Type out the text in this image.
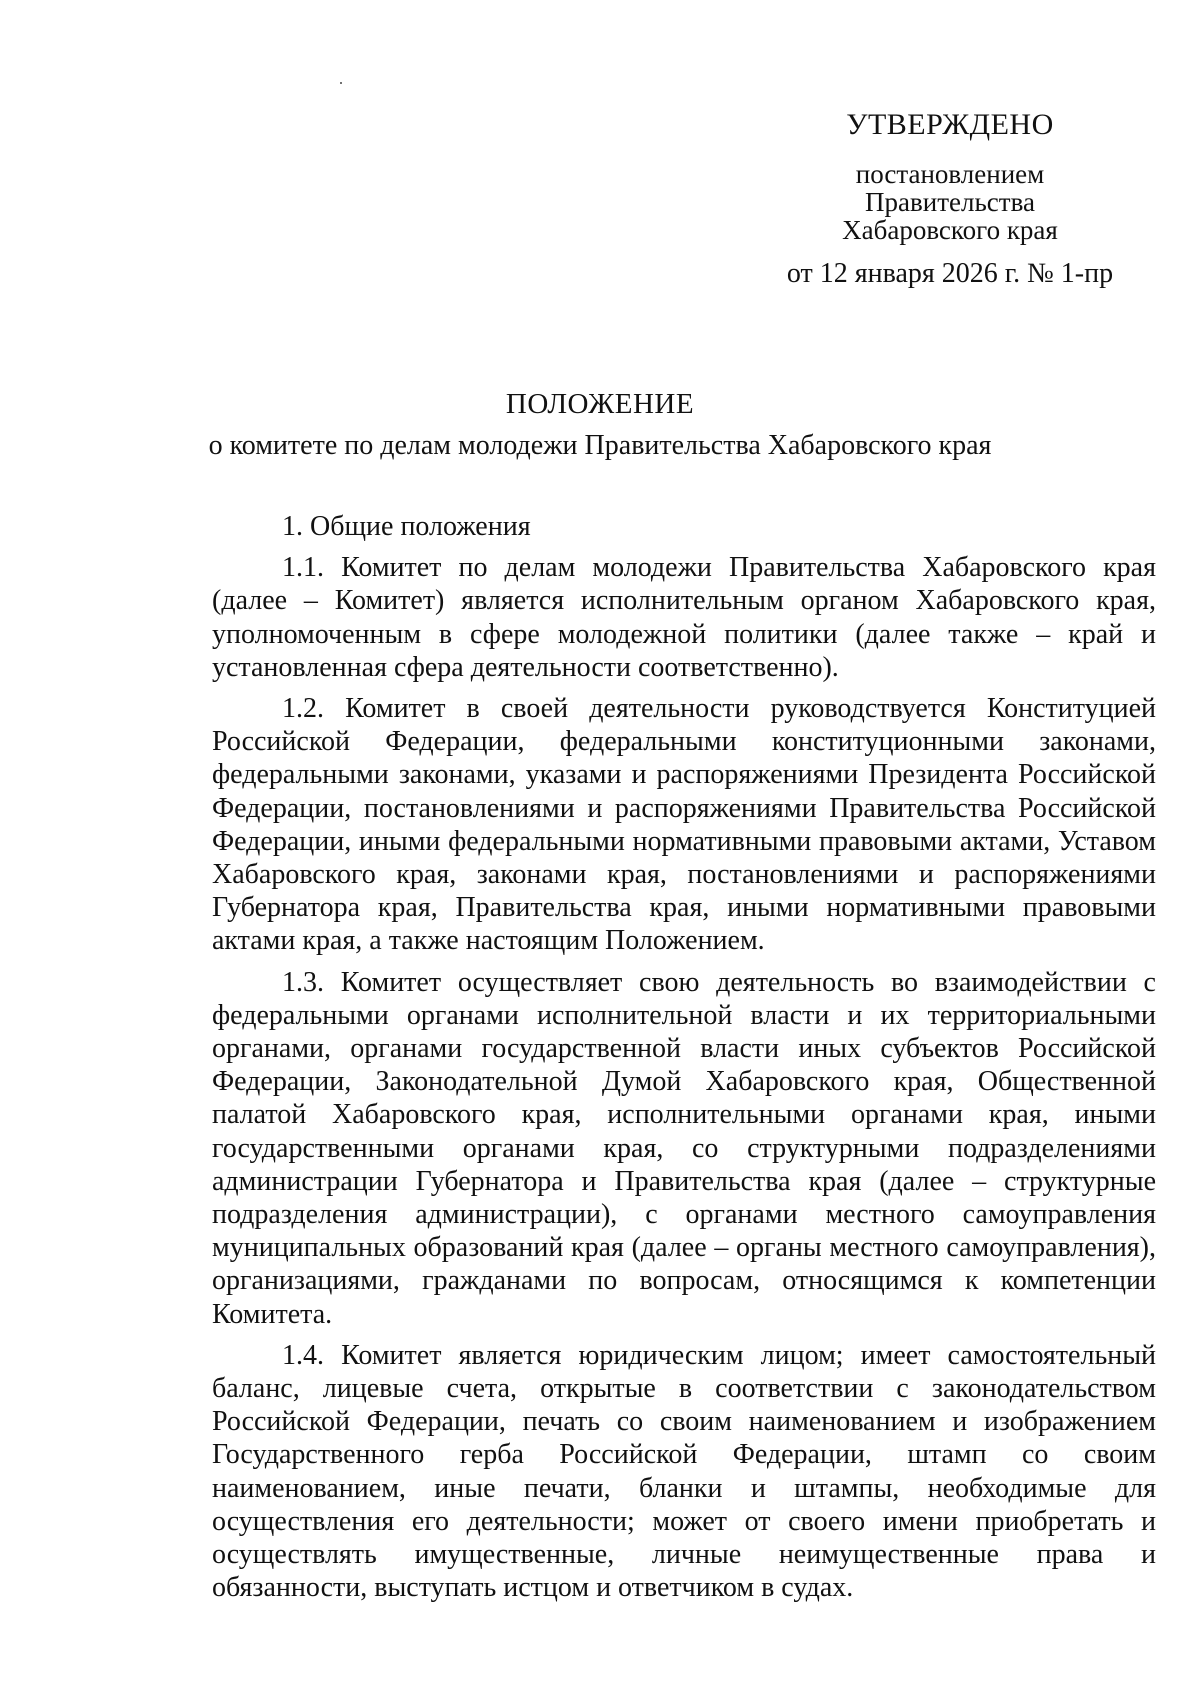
УТВЕРЖДЕНО
постановлением
Правительства
Хабаровского края
от 12 января 2026 г. № 1-пр
ПОЛОЖЕНИЕ
о комитете по делам молодежи Правительства Хабаровского края

1. Общие положения

1.1. Комитет по делам молодежи Правительства Хабаровского края (далее – Комитет) является исполнительным органом Хабаровского края, уполномоченным в сфере молодежной политики (далее также – край и установленная сфера деятельности соответственно).

1.2. Комитет в своей деятельности руководствуется Конституцией Российской Федерации, федеральными конституционными законами, федеральными законами, указами и распоряжениями Президента Российской Федерации, постановлениями и распоряжениями Правительства Российской Федерации, иными федеральными нормативными правовыми актами, Уставом Хабаровского края, законами края, постановлениями и распоряжениями Губернатора края, Правительства края, иными нормативными правовыми актами края, а также настоящим Положением.

1.3. Комитет осуществляет свою деятельность во взаимодействии с федеральными органами исполнительной власти и их территориальными органами, органами государственной власти иных субъектов Российской Федерации, Законодательной Думой Хабаровского края, Общественной палатой Хабаровского края, исполнительными органами края, иными государственными органами края, со структурными подразделениями администрации Губернатора и Правительства края (далее – структурные подразделения администрации), с органами местного самоуправления муниципальных образований края (далее – органы местного самоуправления), организациями, гражданами по вопросам, относящимся к компетенции Комитета.

1.4. Комитет является юридическим лицом; имеет самостоятельный баланс, лицевые счета, открытые в соответствии с законодательством Российской Федерации, печать со своим наименованием и изображением Государственного герба Российской Федерации, штамп со своим наименованием, иные печати, бланки и штампы, необходимые для осуществления его деятельности; может от своего имени приобретать и осуществлять имущественные, личные неимущественные права и обязанности, выступать истцом и ответчиком в судах.
